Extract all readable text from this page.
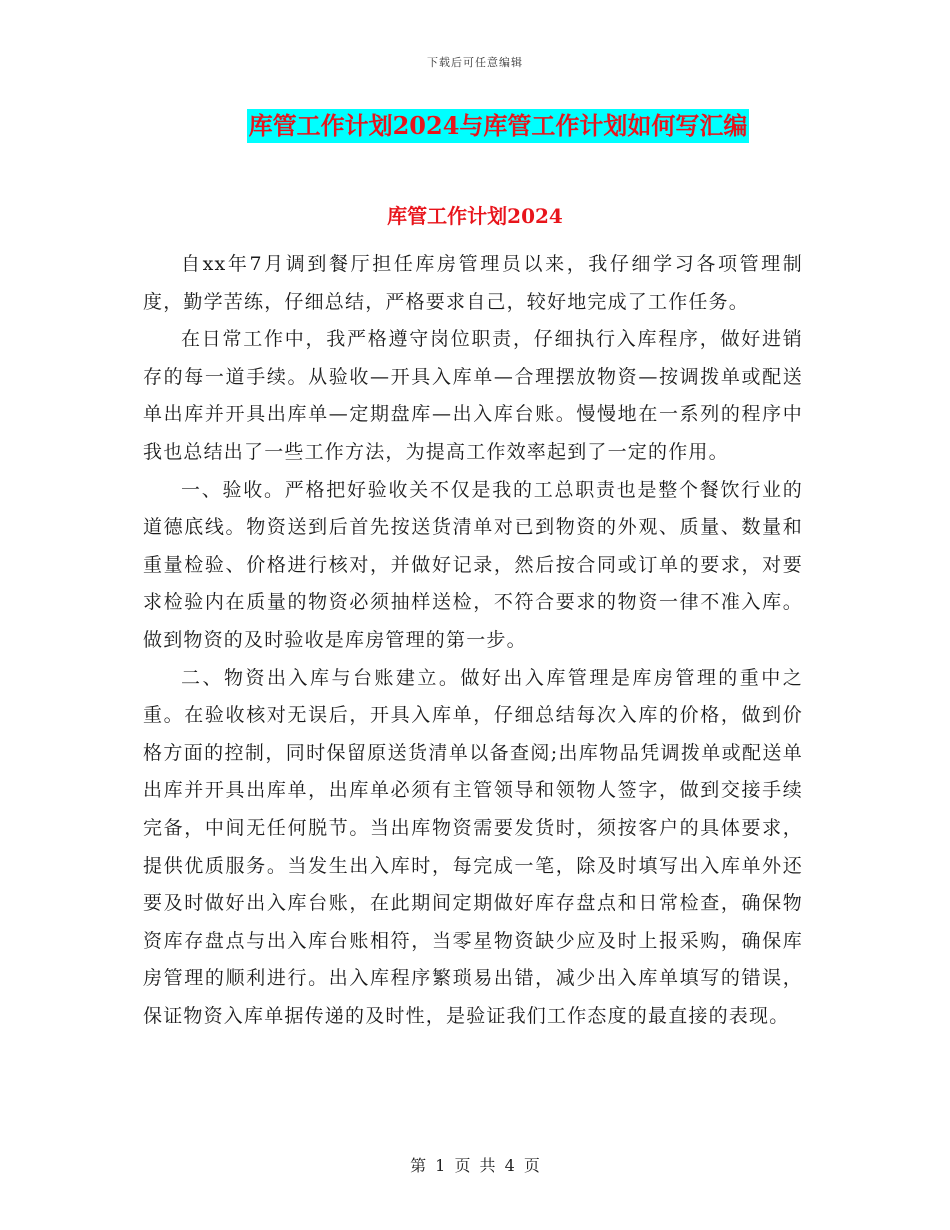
下载后可任意编辑
库管工作计划2024与库管工作计划如何写汇编
库管工作计划2024

自xx年7月调到餐厅担任库房管理员以来，我仔细学习各项管理制度，勤学苦练，仔细总结，严格要求自己，较好地完成了工作任务。

在日常工作中，我严格遵守岗位职责，仔细执行入库程序，做好进销存的每一道手续。从验收—开具入库单—合理摆放物资—按调拨单或配送单出库并开具出库单—定期盘库—出入库台账。慢慢地在一系列的程序中我也总结出了一些工作方法，为提高工作效率起到了一定的作用。

一、验收。严格把好验收关不仅是我的工总职责也是整个餐饮行业的道德底线。物资送到后首先按送货清单对已到物资的外观、质量、数量和重量检验、价格进行核对，并做好记录，然后按合同或订单的要求，对要求检验内在质量的物资必须抽样送检，不符合要求的物资一律不准入库。做到物资的及时验收是库房管理的第一步。

二、物资出入库与台账建立。做好出入库管理是库房管理的重中之重。在验收核对无误后，开具入库单，仔细总结每次入库的价格，做到价格方面的控制，同时保留原送货清单以备查阅;出库物品凭调拨单或配送单出库并开具出库单，出库单必须有主管领导和领物人签字，做到交接手续完备，中间无任何脱节。当出库物资需要发货时，须按客户的具体要求，提供优质服务。当发生出入库时，每完成一笔，除及时填写出入库单外还要及时做好出入库台账，在此期间定期做好库存盘点和日常检查，确保物资库存盘点与出入库台账相符，当零星物资缺少应及时上报采购，确保库房管理的顺利进行。出入库程序繁琐易出错，减少出入库单填写的错误，保证物资入库单据传递的及时性，是验证我们工作态度的最直接的表现。

第 1 页 共 4 页
